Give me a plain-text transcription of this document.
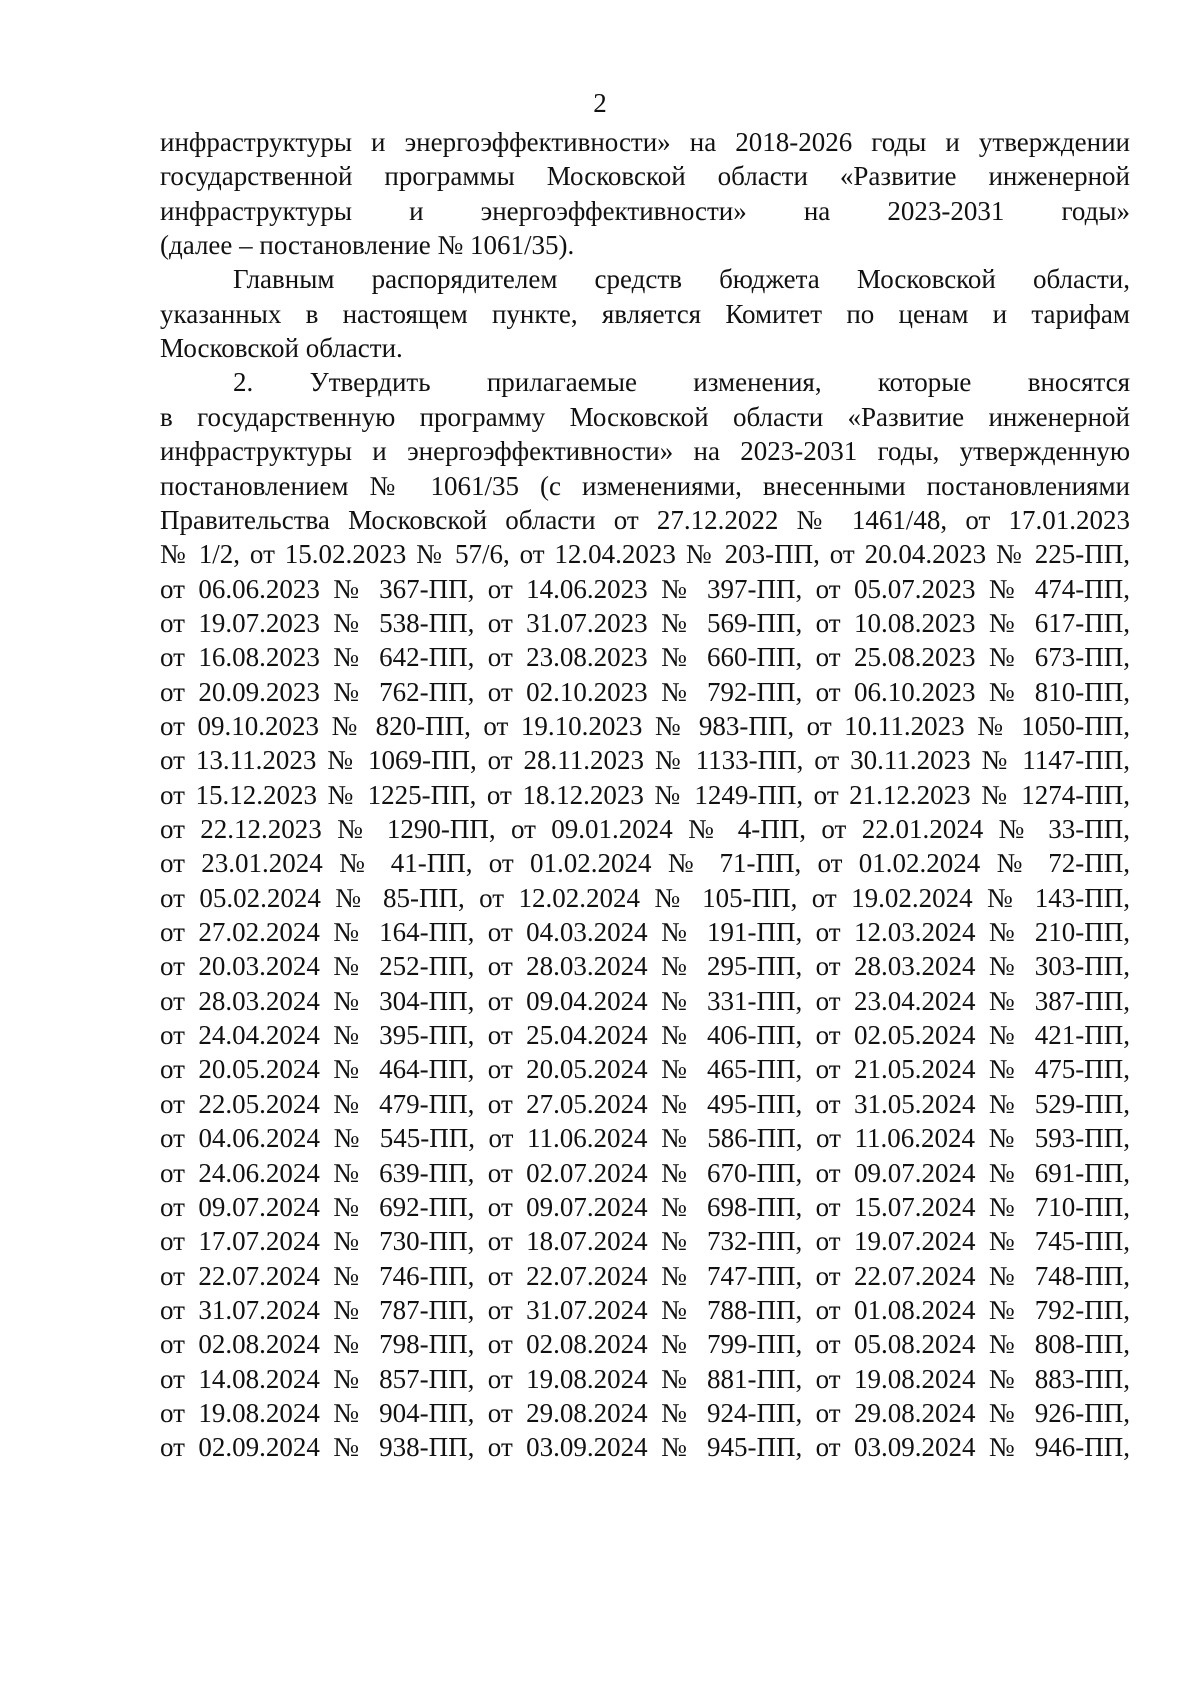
2
инфраструктуры и энергоэффективности» на 2018-2026 годы и утверждении
государственной программы Московской области «Развитие инженерной
инфраструктуры и энергоэффективности» на 2023-2031 годы»
(далее – постановление № 1061/35).
Главным распорядителем средств бюджета Московской области,
указанных в настоящем пункте, является Комитет по ценам и тарифам
Московской области.
2. Утвердить прилагаемые изменения, которые вносятся
в государственную программу Московской области «Развитие инженерной
инфраструктуры и энергоэффективности» на 2023-2031 годы, утвержденную
постановлением № 1061/35 (с изменениями, внесенными постановлениями
Правительства Московской области от 27.12.2022 № 1461/48, от 17.01.2023
№ 1/2, от 15.02.2023 № 57/6, от 12.04.2023 № 203-ПП, от 20.04.2023 № 225-ПП,
от 06.06.2023 № 367-ПП, от 14.06.2023 № 397-ПП, от 05.07.2023 № 474-ПП,
от 19.07.2023 № 538-ПП, от 31.07.2023 № 569-ПП, от 10.08.2023 № 617-ПП,
от 16.08.2023 № 642-ПП, от 23.08.2023 № 660-ПП, от 25.08.2023 № 673-ПП,
от 20.09.2023 № 762-ПП, от 02.10.2023 № 792-ПП, от 06.10.2023 № 810-ПП,
от 09.10.2023 № 820-ПП, от 19.10.2023 № 983-ПП, от 10.11.2023 № 1050-ПП,
от 13.11.2023 № 1069-ПП, от 28.11.2023 № 1133-ПП, от 30.11.2023 № 1147-ПП,
от 15.12.2023 № 1225-ПП, от 18.12.2023 № 1249-ПП, от 21.12.2023 № 1274-ПП,
от 22.12.2023 № 1290-ПП, от 09.01.2024 № 4-ПП, от 22.01.2024 № 33-ПП,
от 23.01.2024 № 41-ПП, от 01.02.2024 № 71-ПП, от 01.02.2024 № 72-ПП,
от 05.02.2024 № 85-ПП, от 12.02.2024 № 105-ПП, от 19.02.2024 № 143-ПП,
от 27.02.2024 № 164-ПП, от 04.03.2024 № 191-ПП, от 12.03.2024 № 210-ПП,
от 20.03.2024 № 252-ПП, от 28.03.2024 № 295-ПП, от 28.03.2024 № 303-ПП,
от 28.03.2024 № 304-ПП, от 09.04.2024 № 331-ПП, от 23.04.2024 № 387-ПП,
от 24.04.2024 № 395-ПП, от 25.04.2024 № 406-ПП, от 02.05.2024 № 421-ПП,
от 20.05.2024 № 464-ПП, от 20.05.2024 № 465-ПП, от 21.05.2024 № 475-ПП,
от 22.05.2024 № 479-ПП, от 27.05.2024 № 495-ПП, от 31.05.2024 № 529-ПП,
от 04.06.2024 № 545-ПП, от 11.06.2024 № 586-ПП, от 11.06.2024 № 593-ПП,
от 24.06.2024 № 639-ПП, от 02.07.2024 № 670-ПП, от 09.07.2024 № 691-ПП,
от 09.07.2024 № 692-ПП, от 09.07.2024 № 698-ПП, от 15.07.2024 № 710-ПП,
от 17.07.2024 № 730-ПП, от 18.07.2024 № 732-ПП, от 19.07.2024 № 745-ПП,
от 22.07.2024 № 746-ПП, от 22.07.2024 № 747-ПП, от 22.07.2024 № 748-ПП,
от 31.07.2024 № 787-ПП, от 31.07.2024 № 788-ПП, от 01.08.2024 № 792-ПП,
от 02.08.2024 № 798-ПП, от 02.08.2024 № 799-ПП, от 05.08.2024 № 808-ПП,
от 14.08.2024 № 857-ПП, от 19.08.2024 № 881-ПП, от 19.08.2024 № 883-ПП,
от 19.08.2024 № 904-ПП, от 29.08.2024 № 924-ПП, от 29.08.2024 № 926-ПП,
от 02.09.2024 № 938-ПП, от 03.09.2024 № 945-ПП, от 03.09.2024 № 946-ПП,
